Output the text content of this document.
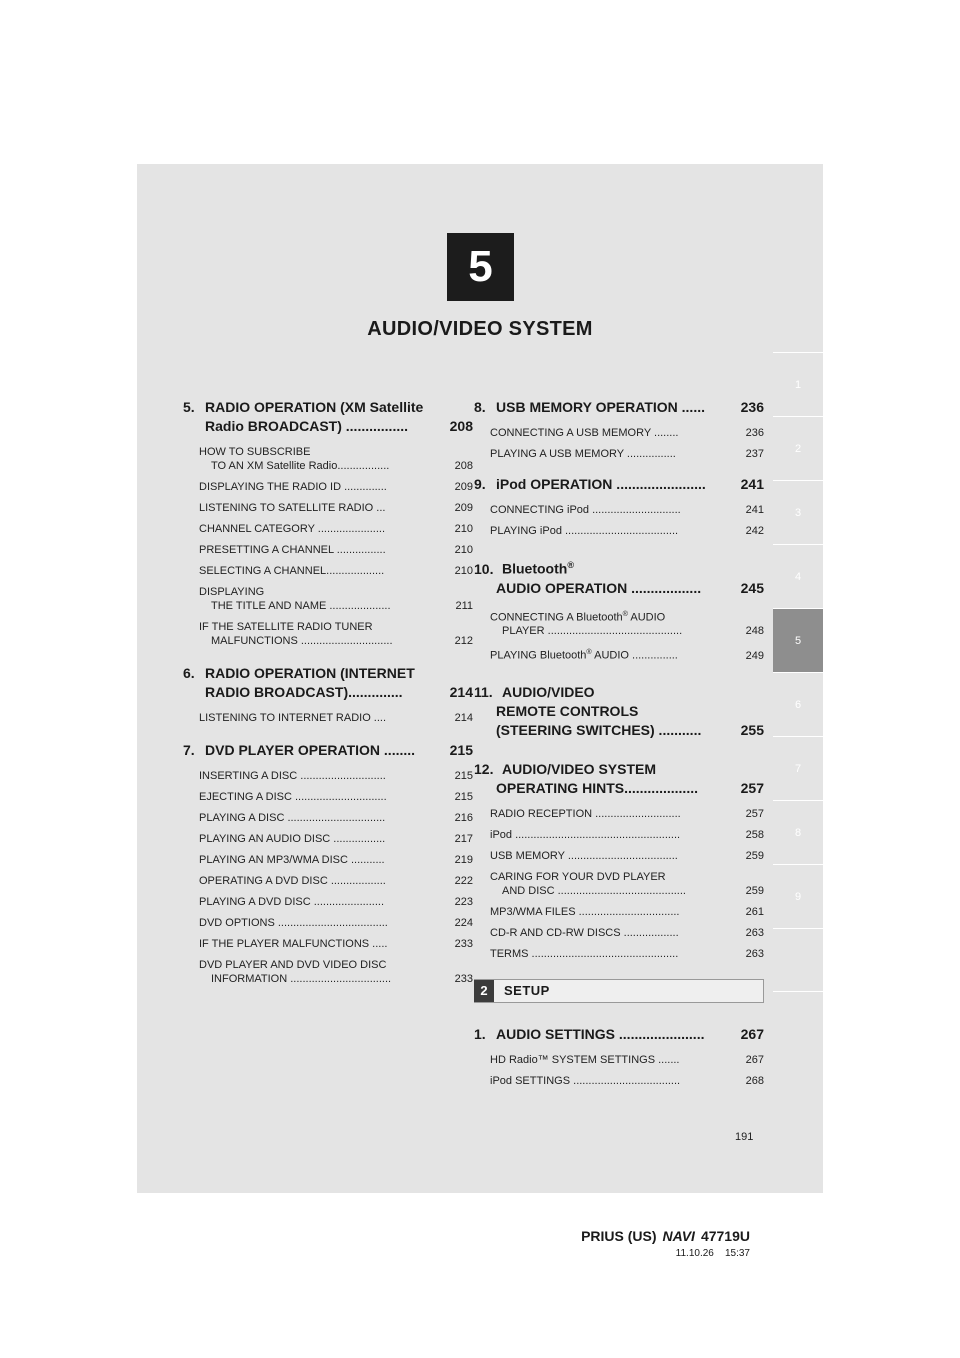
5
AUDIO/VIDEO SYSTEM
1
2
3
4
5
6
7
8
9
5. RADIO OPERATION (XM Satellite
Radio BROADCAST) ................	208
HOW TO SUBSCRIBE
TO AN XM Satellite Radio.................	208
DISPLAYING THE RADIO ID ..............	209
LISTENING TO SATELLITE RADIO ...	209
CHANNEL CATEGORY ......................	210
PRESETTING A CHANNEL ................	210
SELECTING A CHANNEL...................	210
DISPLAYING
THE TITLE AND NAME ....................	211
IF THE SATELLITE RADIO TUNER
MALFUNCTIONS ..............................	212
6. RADIO OPERATION (INTERNET
RADIO BROADCAST)..............	214
LISTENING TO INTERNET RADIO ....	214
7. DVD PLAYER OPERATION ........	215
INSERTING A DISC ............................	215
EJECTING A DISC ..............................	215
PLAYING A DISC ................................	216
PLAYING AN AUDIO DISC .................	217
PLAYING AN MP3/WMA DISC ...........	219
OPERATING A DVD DISC ..................	222
PLAYING A DVD DISC .......................	223
DVD OPTIONS ....................................	224
IF THE PLAYER MALFUNCTIONS .....	233
DVD PLAYER AND DVD VIDEO DISC
INFORMATION .................................	233
8. USB MEMORY OPERATION ......	236
CONNECTING A USB MEMORY ........	236
PLAYING A USB MEMORY ................	237
9. iPod OPERATION .......................	241
CONNECTING iPod .............................	241
PLAYING iPod .....................................	242
10. Bluetooth®
AUDIO OPERATION ..................	245
CONNECTING A Bluetooth® AUDIO
PLAYER ............................................	248
PLAYING Bluetooth® AUDIO ...............	249
11. AUDIO/VIDEO
REMOTE CONTROLS
(STEERING SWITCHES) ...........	255
12. AUDIO/VIDEO SYSTEM
OPERATING HINTS...................	257
RADIO RECEPTION ............................	257
iPod ......................................................	258
USB MEMORY ....................................	259
CARING FOR YOUR DVD PLAYER
AND DISC ..........................................	259
MP3/WMA FILES .................................	261
CD-R AND CD-RW DISCS ..................	263
TERMS ................................................	263
2	SETUP
1. AUDIO SETTINGS ......................	267
HD Radio™ SYSTEM SETTINGS .......	267
iPod SETTINGS ...................................	268
191
PRIUS (US) NAVI 47719U
11.10.26 15:37
